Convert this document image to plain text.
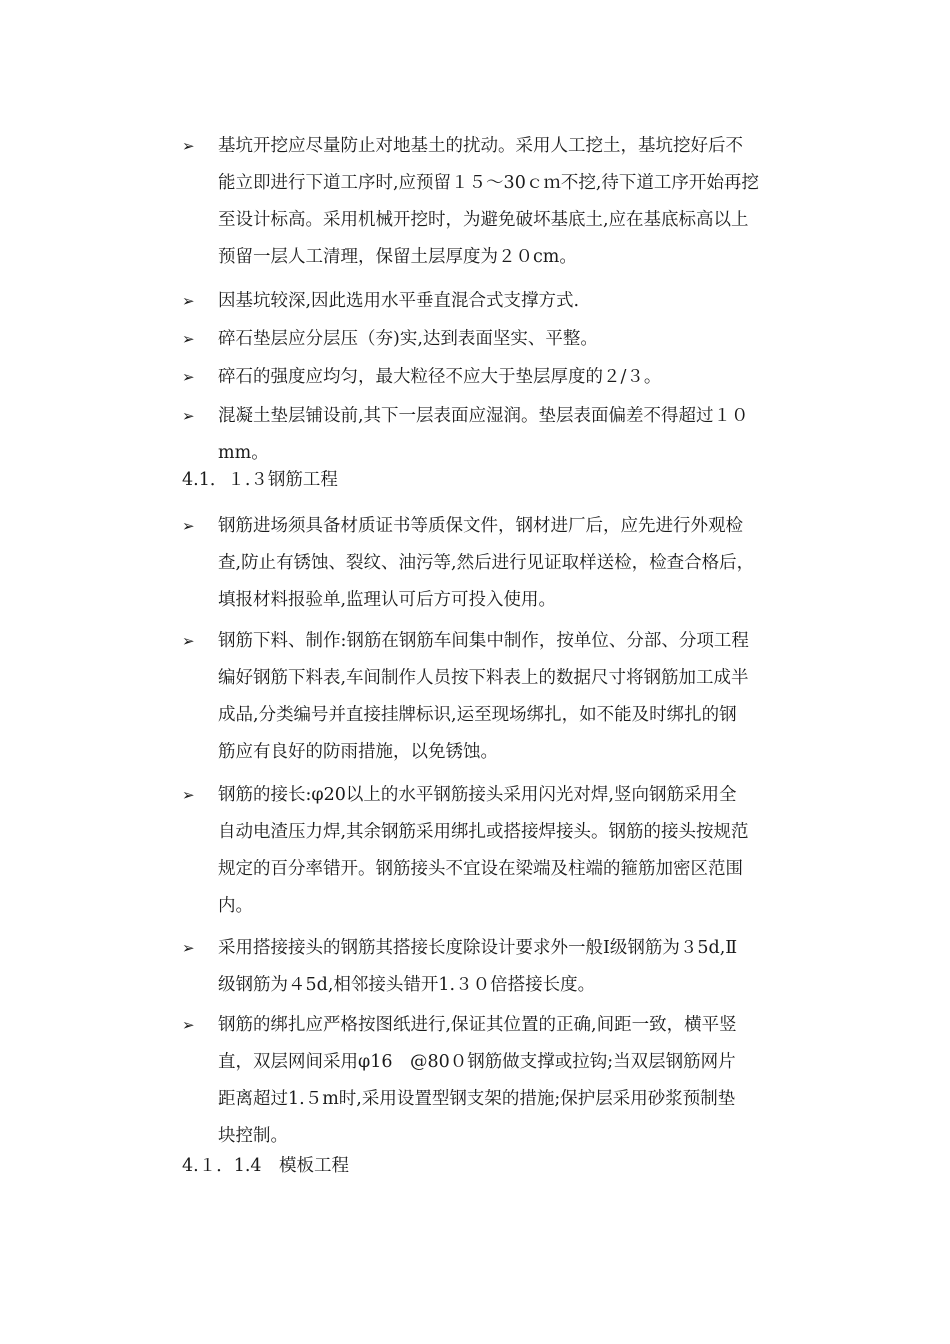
➢	基坑开挖应尽量防止对地基土的扰动。采用人工挖土，基坑挖好后不
能立即进行下道工序时,应预留１５～30ｃｍ不挖,待下道工序开始再挖
至设计标高。采用机械开挖时，为避免破坏基底土,应在基底标高以上
预留一层人工清理，保留土层厚度为２０cm。
➢	因基坑较深,因此选用水平垂直混合式支撑方式.
➢	碎石垫层应分层压（夯)实,达到表面坚实、平整。
➢	碎石的强度应均匀，最大粒径不应大于垫层厚度的２/３。
➢	混凝土垫层铺设前,其下一层表面应湿润。垫层表面偏差不得超过１０
mm。
4.1．１.３钢筋工程
➢	钢筋进场须具备材质证书等质保文件，钢材进厂后，应先进行外观检
查,防止有锈蚀、裂纹、油污等,然后进行见证取样送检，检查合格后，
填报材料报验单,监理认可后方可投入使用。
➢	钢筋下料、制作:钢筋在钢筋车间集中制作，按单位、分部、分项工程
编好钢筋下料表,车间制作人员按下料表上的数据尺寸将钢筋加工成半
成品,分类编号并直接挂牌标识,运至现场绑扎，如不能及时绑扎的钢
筋应有良好的防雨措施，以免锈蚀。
➢	钢筋的接长:φ20以上的水平钢筋接头采用闪光对焊,竖向钢筋采用全
自动电渣压力焊,其余钢筋采用绑扎或搭接焊接头。钢筋的接头按规范
规定的百分率错开。钢筋接头不宜设在梁端及柱端的箍筋加密区范围
内。
➢	采用搭接接头的钢筋其搭接长度除设计要求外一般Ⅰ级钢筋为３5d,Ⅱ
级钢筋为４5d,相邻接头错开1.３０倍搭接长度。
➢	钢筋的绑扎应严格按图纸进行,保证其位置的正确,间距一致，横平竖
直，双层网间采用φ16　@80０钢筋做支撑或拉钩;当双层钢筋网片
距离超过1.５m时,采用设置型钢支架的措施;保护层采用砂浆预制垫
块控制。
4.１．1.4　模板工程
